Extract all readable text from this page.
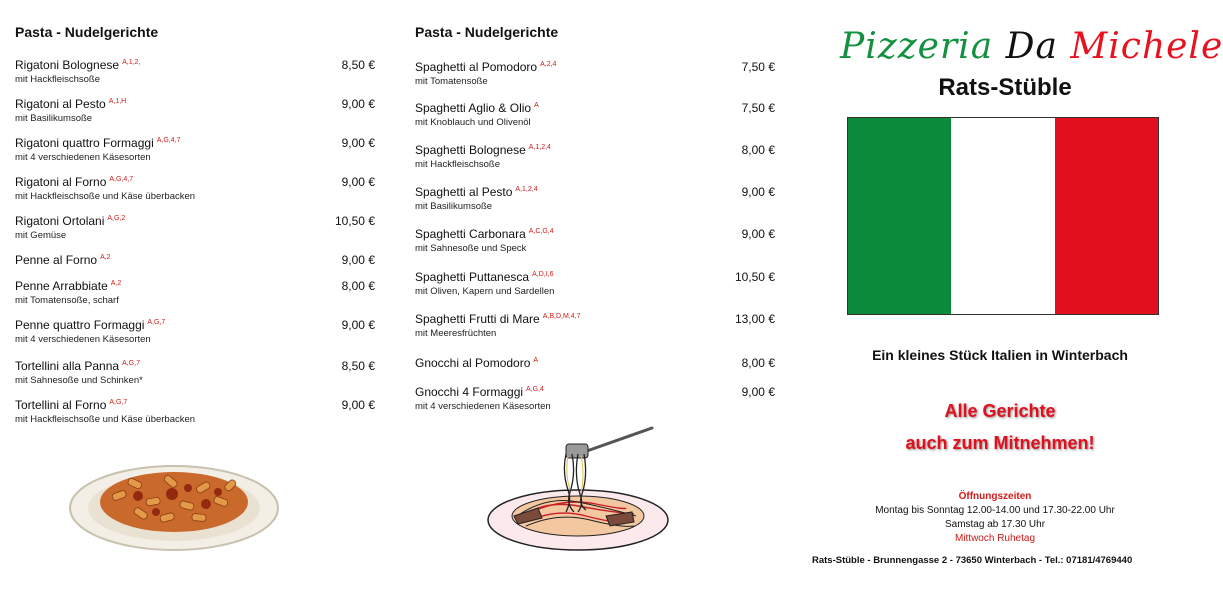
Pasta - Nudelgerichte
Rigatoni Bolognese $^{A,1,2,}$	8,50 €
mit Hackfleischsoße
Rigatoni al Pesto $^{A,1,H}$	9,00 €
mit Basilikumsoße
Rigatoni quattro Formaggi $^{A,G,4,7}$	9,00 €
mit 4 verschiedenen Käsesorten
Rigatoni al Forno $^{A,G,4,7}$	9,00 €
mit Hackfleischsoße und Käse überbacken
Rigatoni Ortolani $^{A,G,2}$	10,50 €
mit Gemüse
Penne al Forno $^{A,2}$	9,00 €
Penne Arrabbiate $^{A,2}$	8,00 €
mit Tomatensoße, scharf
Penne quattro Formaggi $^{A,G,7}$	9,00 €
mit 4 verschiedenen Käsesorten
Tortellini alla Panna $^{A,G,7}$	8,50 €
mit Sahnesoße und Schinken*
Tortellini al Forno $^{A,G,7}$	9,00 €
mit Hackfleischsoße und Käse überbacken
Pasta - Nudelgerichte
Spaghetti al Pomodoro $^{A,2,4}$	7,50 €
mit Tomatensoße
Spaghetti Aglio & Olio $^A$	7,50 €
mit Knoblauch und Olivenöl
Spaghetti Bolognese $^{A,1,2,4}$	8,00 €
mit Hackfleischsoße
Spaghetti al Pesto $^{A,1,2,4}$	9,00 €
mit Basilikumsoße
Spaghetti Carbonara $^{A,C,G,4}$	9,00 €
mit Sahnesoße und Speck
Spaghetti Puttanesca $^{A,D,I,6}$	10,50 €
mit Oliven, Kapern und Sardellen
Spaghetti Frutti di Mare $^{A,B,D,M,4,7}$	13,00 €
mit Meeresfrüchten
Gnocchi al Pomodoro $^A$	8,00 €
Gnocchi 4 Formaggi $^{A,G,4}$	9,00 €
mit 4 verschiedenen Käsesorten
Pizzeria Da Michele
Rats-Stüble
Ein kleines Stück Italien in Winterbach
Alle Gerichte
auch zum Mitnehmen!
Öffnungszeiten
Montag bis Sonntag 12.00-14.00 und 17.30-22.00 Uhr
Samstag ab 17.30 Uhr
Mittwoch Ruhetag
Rats-Stüble - Brunnengasse 2 - 73650 Winterbach - Tel.: 07181/4769440
